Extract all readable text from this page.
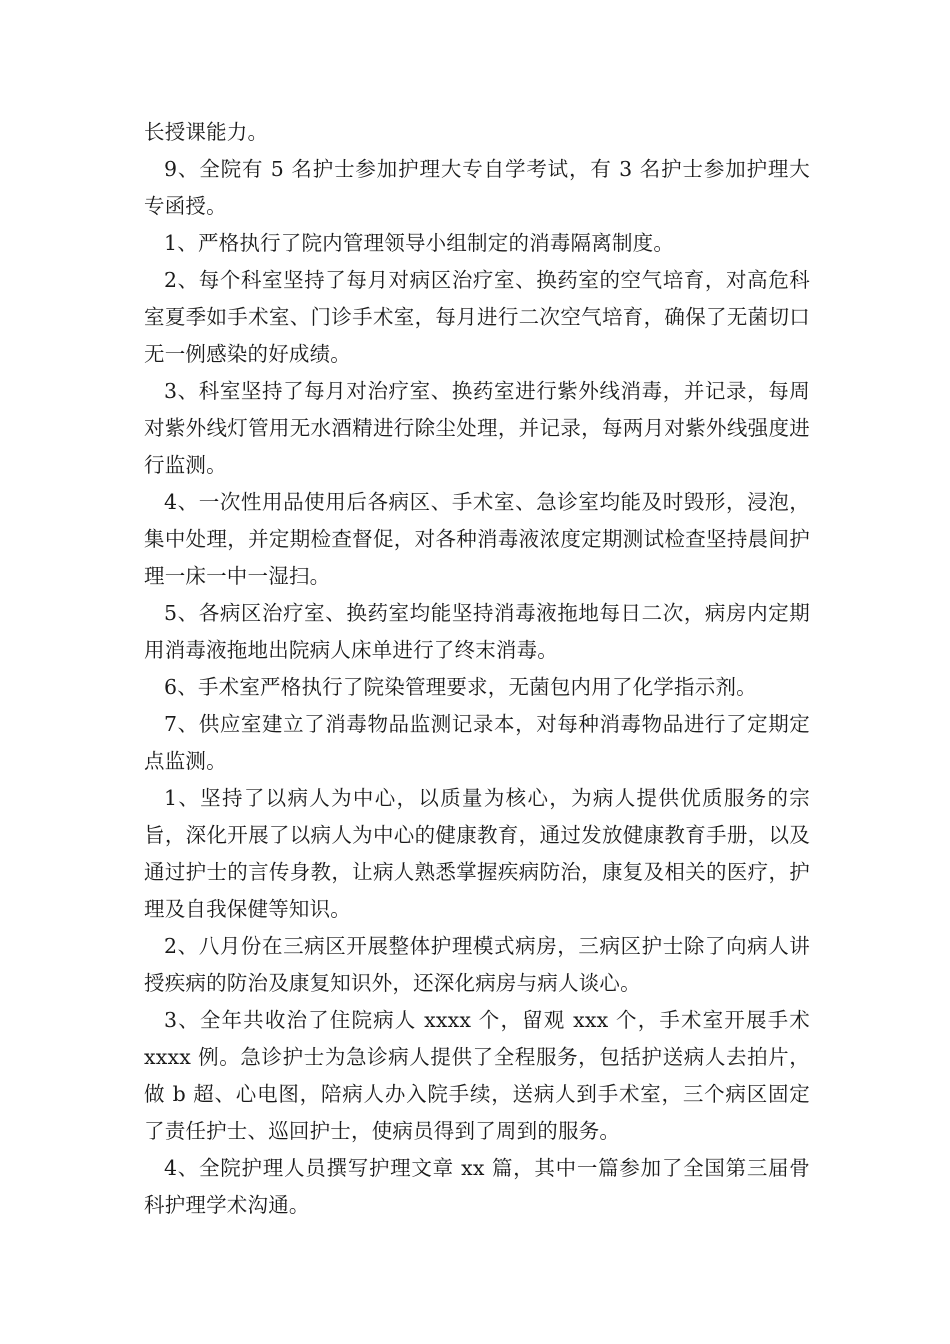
长授课能力。

9、全院有 5 名护士参加护理大专自学考试，有 3 名护士参加护理大专函授。

1、严格执行了院内管理领导小组制定的消毒隔离制度。

2、每个科室坚持了每月对病区治疗室、换药室的空气培育，对高危科室夏季如手术室、门诊手术室，每月进行二次空气培育，确保了无菌切口无一例感染的好成绩。

3、科室坚持了每月对治疗室、换药室进行紫外线消毒，并记录，每周对紫外线灯管用无水酒精进行除尘处理，并记录，每两月对紫外线强度进行监测。

4、一次性用品使用后各病区、手术室、急诊室均能及时毁形，浸泡，集中处理，并定期检查督促，对各种消毒液浓度定期测试检查坚持晨间护理一床一中一湿扫。

5、各病区治疗室、换药室均能坚持消毒液拖地每日二次，病房内定期用消毒液拖地出院病人床单进行了终末消毒。

6、手术室严格执行了院染管理要求，无菌包内用了化学指示剂。

7、供应室建立了消毒物品监测记录本，对每种消毒物品进行了定期定点监测。

1、坚持了以病人为中心，以质量为核心，为病人提供优质服务的宗旨，深化开展了以病人为中心的健康教育，通过发放健康教育手册，以及通过护士的言传身教，让病人熟悉掌握疾病防治，康复及相关的医疗，护理及自我保健等知识。

2、八月份在三病区开展整体护理模式病房，三病区护士除了向病人讲授疾病的防治及康复知识外，还深化病房与病人谈心。

3、全年共收治了住院病人 xxxx 个，留观 xxx 个，手术室开展手术 xxxx 例。急诊护士为急诊病人提供了全程服务，包括护送病人去拍片，做 b 超、心电图，陪病人办入院手续，送病人到手术室，三个病区固定了责任护士、巡回护士，使病员得到了周到的服务。

4、全院护理人员撰写护理文章 xx 篇，其中一篇参加了全国第三届骨科护理学术沟通。
